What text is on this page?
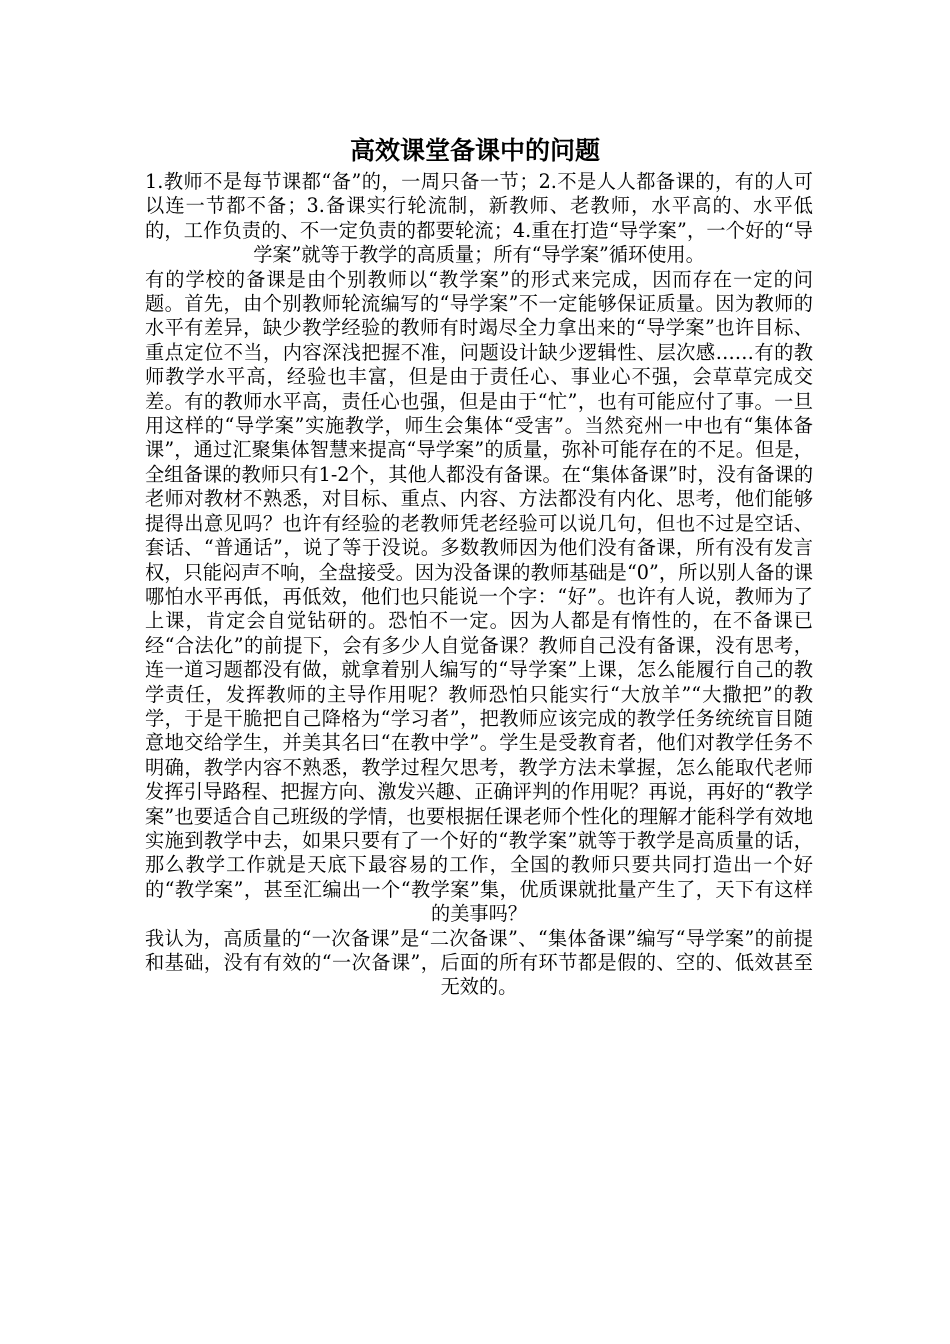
高效课堂备课中的问题

1.教师不是每节课都“备”的，一周只备一节；2.不是人人都备课的，有的人可以连一节都不备；3.备课实行轮流制，新教师、老教师，水平高的、水平低的，工作负责的、不一定负责的都要轮流；4.重在打造“导学案”，一个好的“导学案”就等于教学的高质量；所有“导学案”循环使用。

有的学校的备课是由个别教师以“教学案”的形式来完成，因而存在一定的问题。首先，由个别教师轮流编写的“导学案”不一定能够保证质量。因为教师的水平有差异，缺少教学经验的教师有时竭尽全力拿出来的“导学案”也许目标、重点定位不当，内容深浅把握不准，问题设计缺少逻辑性、层次感……有的教师教学水平高，经验也丰富，但是由于责任心、事业心不强，会草草完成交差。有的教师水平高，责任心也强，但是由于“忙”，也有可能应付了事。一旦用这样的“导学案”实施教学，师生会集体“受害”。当然兖州一中也有“集体备课”，通过汇聚集体智慧来提高“导学案”的质量，弥补可能存在的不足。但是，全组备课的教师只有1-2个，其他人都没有备课。在“集体备课”时，没有备课的老师对教材不熟悉，对目标、重点、内容、方法都没有内化、思考，他们能够提得出意见吗？也许有经验的老教师凭老经验可以说几句，但也不过是空话、套话、“普通话”，说了等于没说。多数教师因为他们没有备课，所有没有发言权，只能闷声不响，全盘接受。因为没备课的教师基础是“0”，所以别人备的课哪怕水平再低，再低效，他们也只能说一个字：“好”。也许有人说，教师为了上课，肯定会自觉钻研的。恐怕不一定。因为人都是有惰性的，在不备课已经“合法化”的前提下，会有多少人自觉备课？教师自己没有备课，没有思考，连一道习题都没有做，就拿着别人编写的“导学案”上课，怎么能履行自己的教学责任，发挥教师的主导作用呢？教师恐怕只能实行“大放羊”“大撒把”的教学，于是干脆把自己降格为“学习者”，把教师应该完成的教学任务统统盲目随意地交给学生，并美其名曰“在教中学”。学生是受教育者，他们对教学任务不明确，教学内容不熟悉，教学过程欠思考，教学方法未掌握，怎么能取代老师发挥引导路程、把握方向、激发兴趣、正确评判的作用呢？再说，再好的“教学案”也要适合自己班级的学情，也要根据任课老师个性化的理解才能科学有效地实施到教学中去，如果只要有了一个好的“教学案”就等于教学是高质量的话，那么教学工作就是天底下最容易的工作，全国的教师只要共同打造出一个好的“教学案”，甚至汇编出一个“教学案”集，优质课就批量产生了，天下有这样的美事吗？

我认为，高质量的“一次备课”是“二次备课”、“集体备课”编写“导学案”的前提和基础，没有有效的“一次备课”，后面的所有环节都是假的、空的、低效甚至无效的。
